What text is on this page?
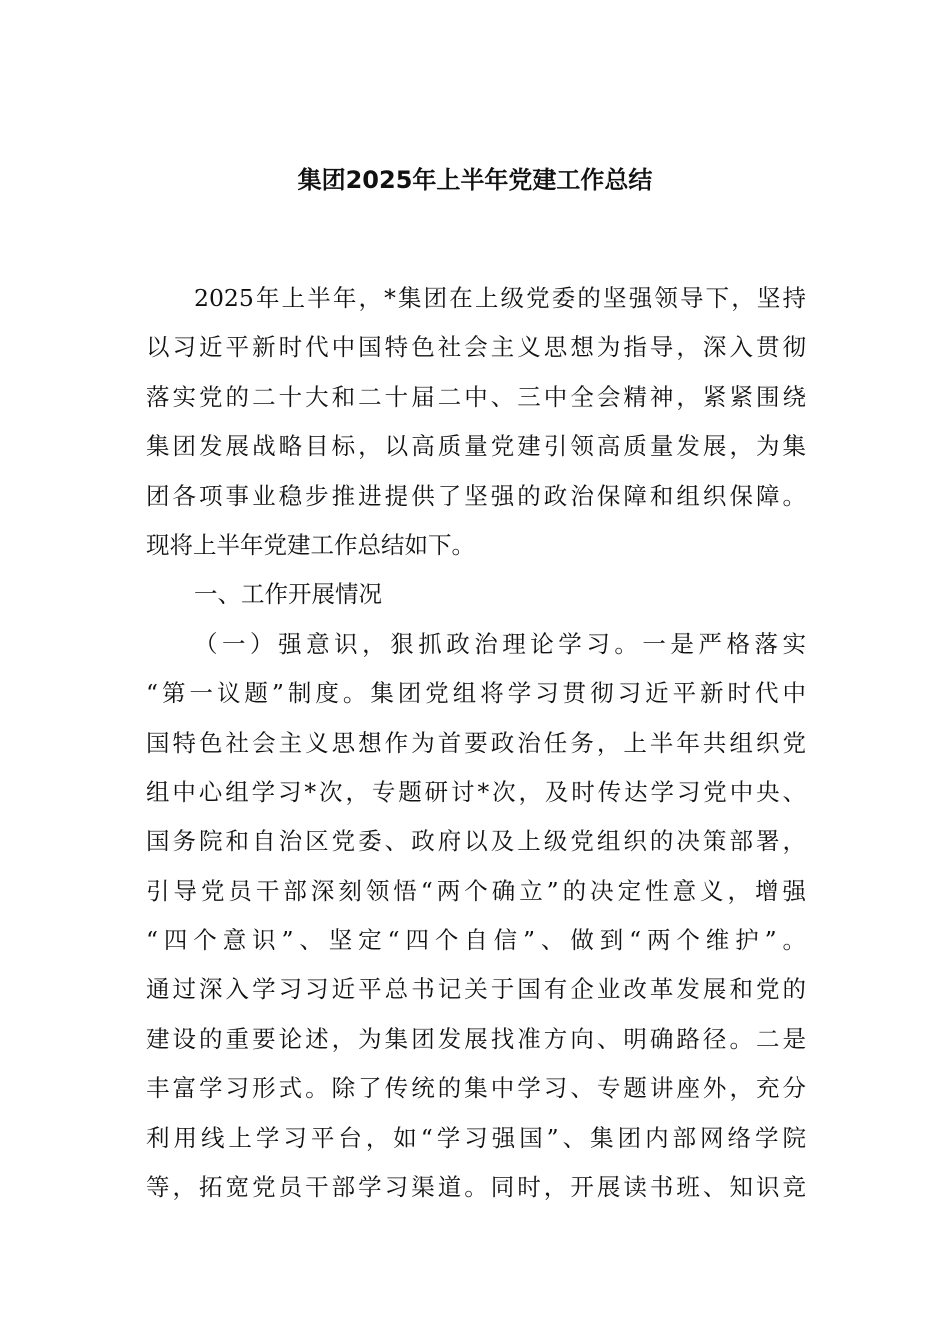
集团2025年上半年党建工作总结
2025年上半年，*集团在上级党委的坚强领导下，坚持
以习近平新时代中国特色社会主义思想为指导，深入贯彻
落实党的二十大和二十届二中、三中全会精神，紧紧围绕
集团发展战略目标，以高质量党建引领高质量发展，为集
团各项事业稳步推进提供了坚强的政治保障和组织保障。
现将上半年党建工作总结如下。
一、工作开展情况
（一）强意识，狠抓政治理论学习。一是严格落实
“第一议题”制度。集团党组将学习贯彻习近平新时代中
国特色社会主义思想作为首要政治任务，上半年共组织党
组中心组学习*次，专题研讨*次，及时传达学习党中央、
国务院和自治区党委、政府以及上级党组织的决策部署，
引导党员干部深刻领悟“两个确立”的决定性意义，增强
“四个意识”、坚定“四个自信”、做到“两个维护”。
通过深入学习习近平总书记关于国有企业改革发展和党的
建设的重要论述，为集团发展找准方向、明确路径。二是
丰富学习形式。除了传统的集中学习、专题讲座外，充分
利用线上学习平台，如“学习强国”、集团内部网络学院
等，拓宽党员干部学习渠道。同时，开展读书班、知识竞
